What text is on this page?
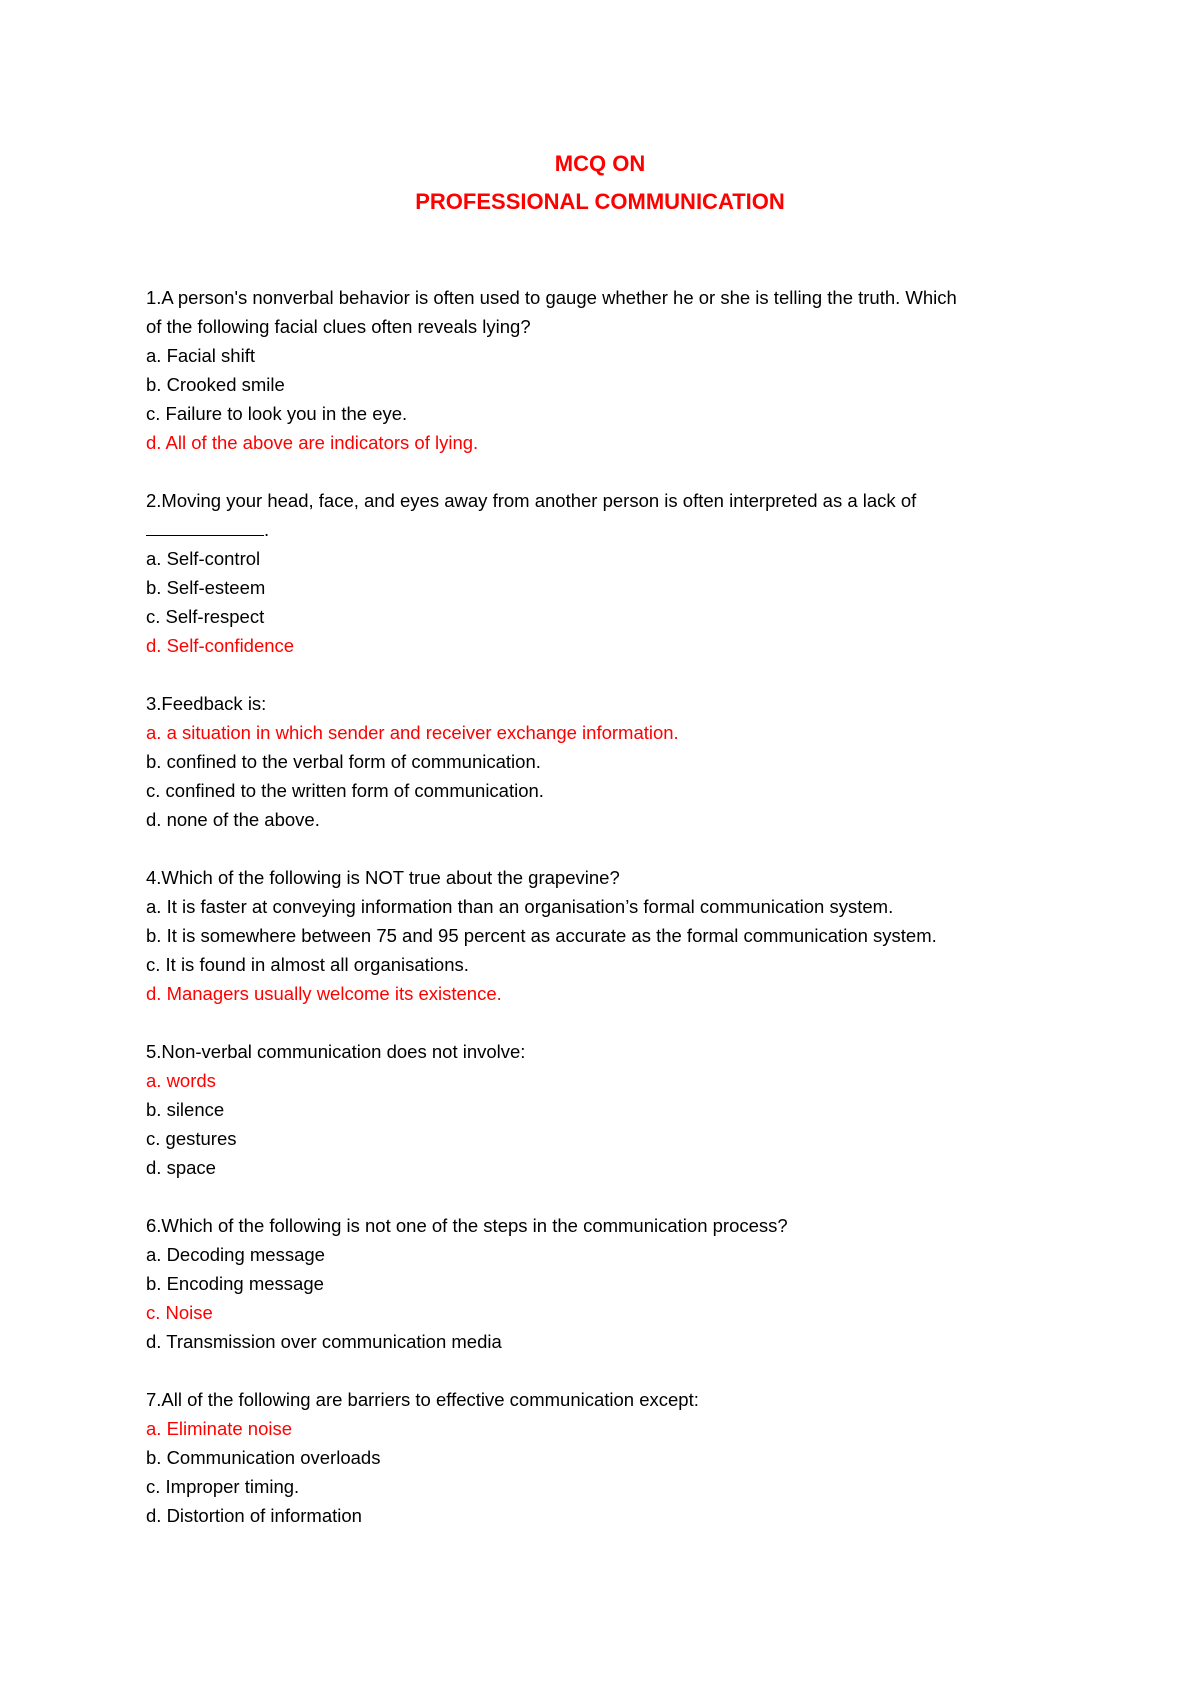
MCQ ON
PROFESSIONAL COMMUNICATION
1.A person's nonverbal behavior is often used to gauge whether he or she is telling the truth. Which
of the following facial clues often reveals lying?
a. Facial shift
b. Crooked smile
c. Failure to look you in the eye.
d. All of the above are indicators of lying.
2.Moving your head, face, and eyes away from another person is often interpreted as a lack of
.
a. Self-control
b. Self-esteem
c. Self-respect
d. Self-confidence
3.Feedback is:
a. a situation in which sender and receiver exchange information.
b. confined to the verbal form of communication.
c. confined to the written form of communication.
d. none of the above.
4.Which of the following is NOT true about the grapevine?
a. It is faster at conveying information than an organisation’s formal communication system.
b. It is somewhere between 75 and 95 percent as accurate as the formal communication system.
c. It is found in almost all organisations.
d. Managers usually welcome its existence.
5.Non-verbal communication does not involve:
a. words
b. silence
c. gestures
d. space
6.Which of the following is not one of the steps in the communication process?
a. Decoding message
b. Encoding message
c. Noise
d. Transmission over communication media
7.All of the following are barriers to effective communication except:
a. Eliminate noise
b. Communication overloads
c. Improper timing.
d. Distortion of information
